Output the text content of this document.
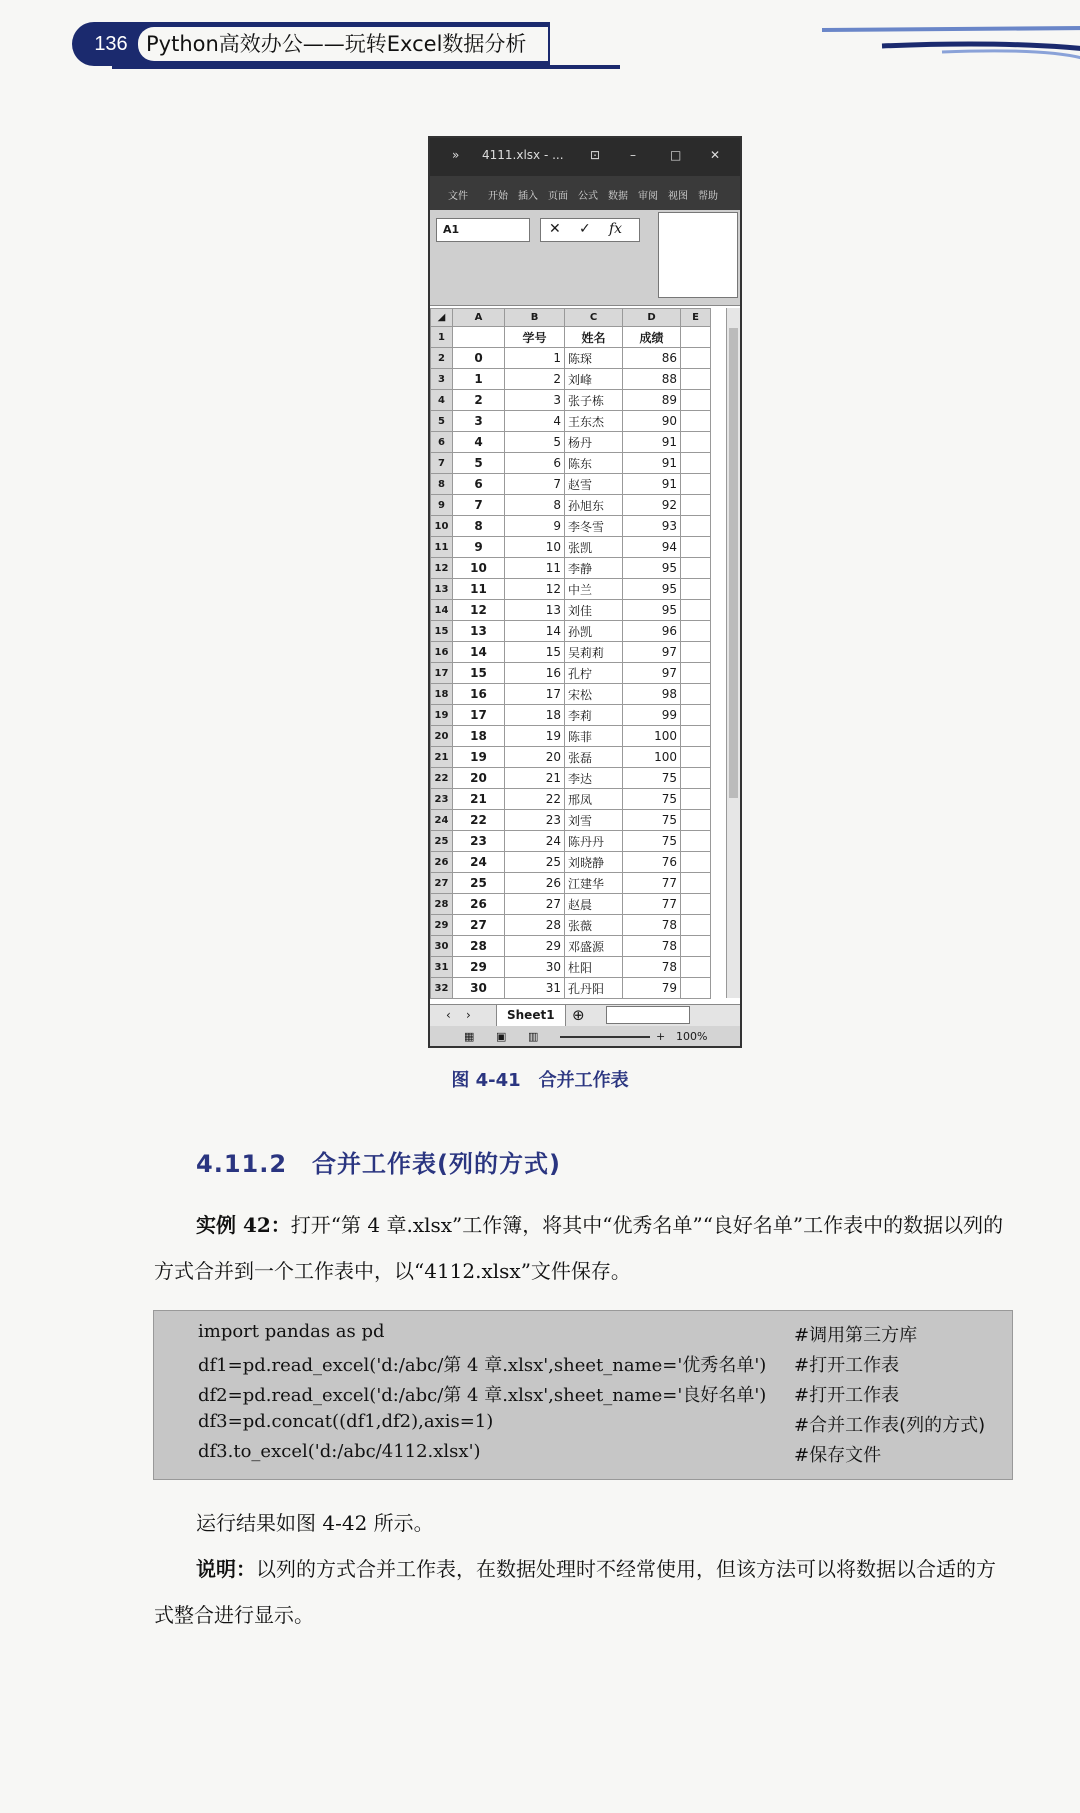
136 Python高效办公——玩转Excel数据分析
» 4111.xlsx - ... ⊡ –	□ ✕
文件 开始 插入 页面 公式 数据 审阅 视图 帮助
A1	✕ ✓ fx
◢	A	B	C	D	E
1		学号	姓名	成绩	
2	0	1	陈琛	86	
3	1	2	刘峰	88	
4	2	3	张子栋	89	
5	3	4	王东杰	90	
6	4	5	杨丹	91	
7	5	6	陈东	91	
8	6	7	赵雪	91	
9	7	8	孙旭东	92	
10	8	9	李冬雪	93	
11	9	10	张凯	94	
12	10	11	李静	95	
13	11	12	中兰	95	
14	12	13	刘佳	95	
15	13	14	孙凯	96	
16	14	15	吴莉莉	97	
17	15	16	孔柠	97	
18	16	17	宋松	98	
19	17	18	李莉	99	
20	18	19	陈菲	100	
21	19	20	张磊	100	
22	20	21	李达	75	
23	21	22	邢凤	75	
24	22	23	刘雪	75	
25	23	24	陈丹丹	75	
26	24	25	刘晓静	76	
27	25	26	江建华	77	
28	26	27	赵晨	77	
29	27	28	张薇	78	
30	28	29	邓盛源	78	
31	29	30	杜阳	78	
32	30	31	孔丹阳	79	
‹ ›	Sheet1	⊕
▦ ▣ ▥	+ 100%
图 4-41　合并工作表
4.11.2　合并工作表(列的方式)
实例 42：打开“第 4 章.xlsx”工作簿，将其中“优秀名单”“良好名单”工作表中的数据以列的方式合并到一个工作表中，以“4112.xlsx”文件保存。
import pandas as pd	#调用第三方库
df1=pd.read_excel('d:/abc/第 4 章.xlsx',sheet_name='优秀名单') #打开工作表
df2=pd.read_excel('d:/abc/第 4 章.xlsx',sheet_name='良好名单') #打开工作表
df3=pd.concat((df1,df2),axis=1)	#合并工作表(列的方式)
df3.to_excel('d:/abc/4112.xlsx')	#保存文件
运行结果如图 4-42 所示。
说明：以列的方式合并工作表，在数据处理时不经常使用，但该方法可以将数据以合适的方式整合进行显示。
